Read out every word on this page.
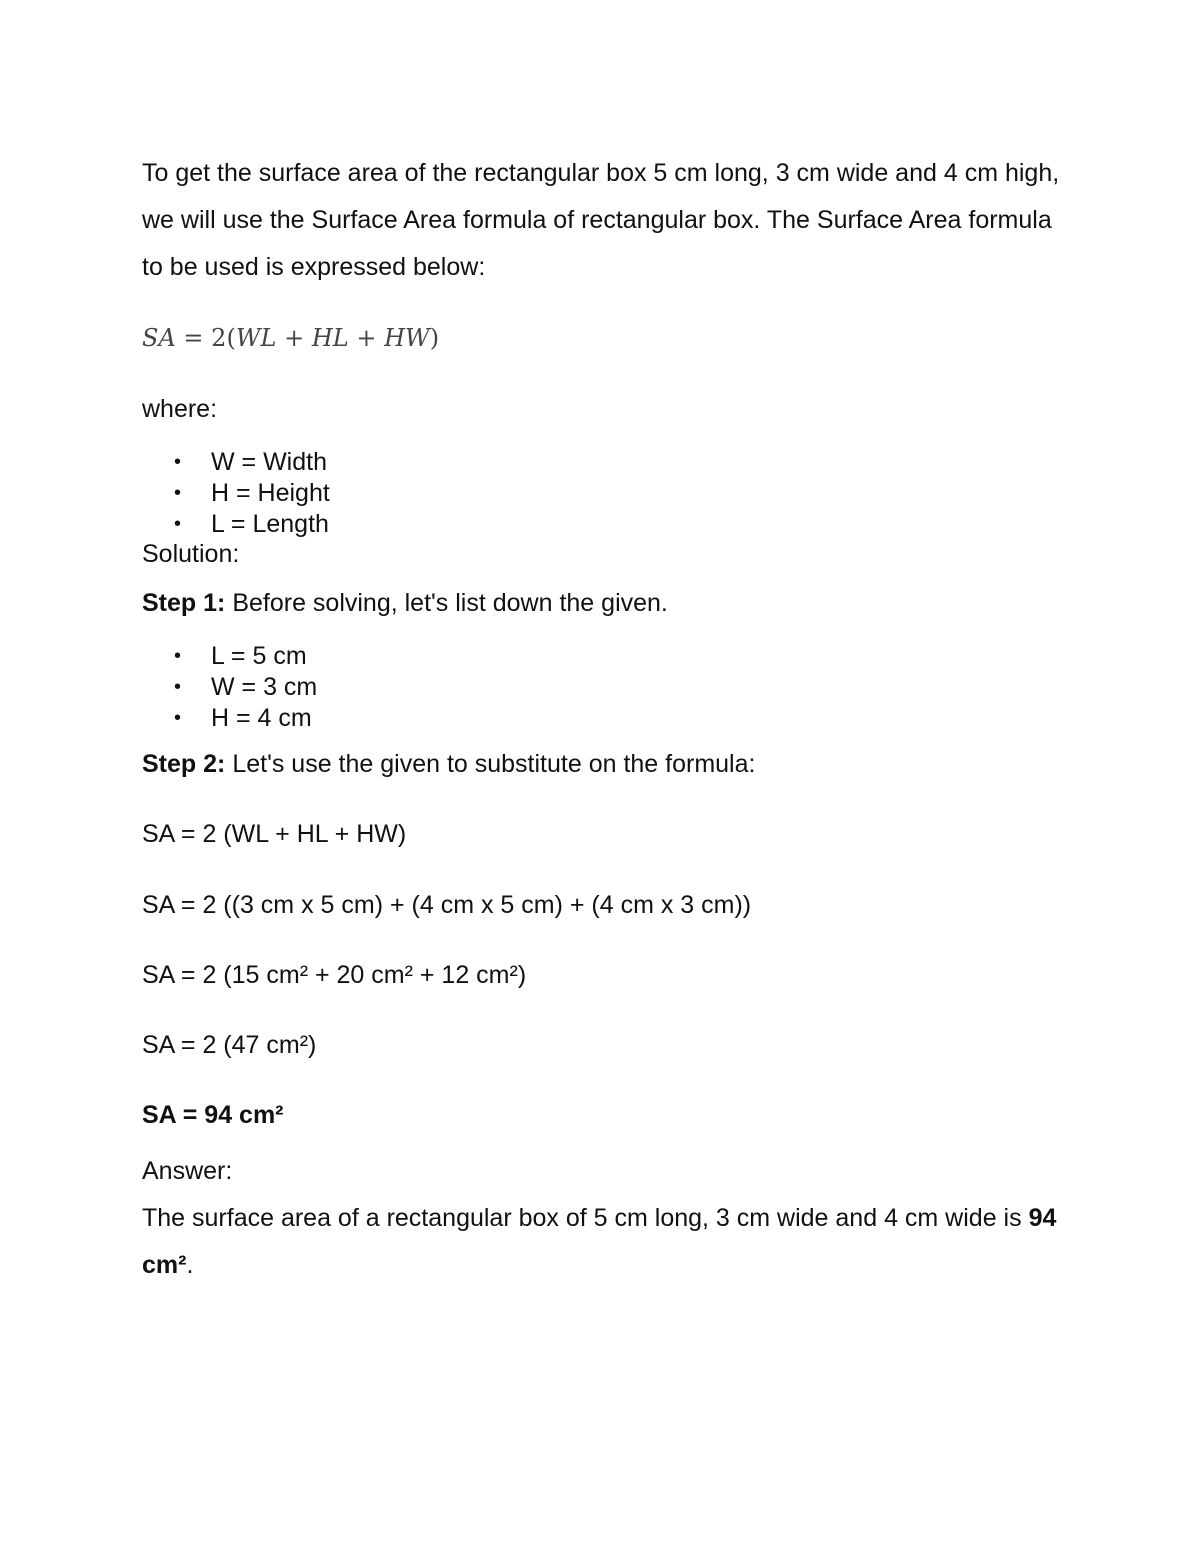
To get the surface area of the rectangular box 5 cm long, 3 cm wide and 4 cm high, we will use the Surface Area formula of rectangular box. The Surface Area formula to be used is expressed below:

SA = 2(WL + HL + HW)

where:

• W = Width
• H = Height
• L = Length

Solution:

Step 1: Before solving, let's list down the given.

• L = 5 cm
• W = 3 cm
• H = 4 cm

Step 2: Let's use the given to substitute on the formula:

SA = 2 (WL + HL + HW)

SA = 2 ((3 cm x 5 cm) + (4 cm x 5 cm) + (4 cm x 3 cm))

SA = 2 (15 cm² + 20 cm² + 12 cm²)

SA = 2 (47 cm²)

SA = 94 cm²

Answer:

The surface area of a rectangular box of 5 cm long, 3 cm wide and 4 cm wide is 94 cm².
